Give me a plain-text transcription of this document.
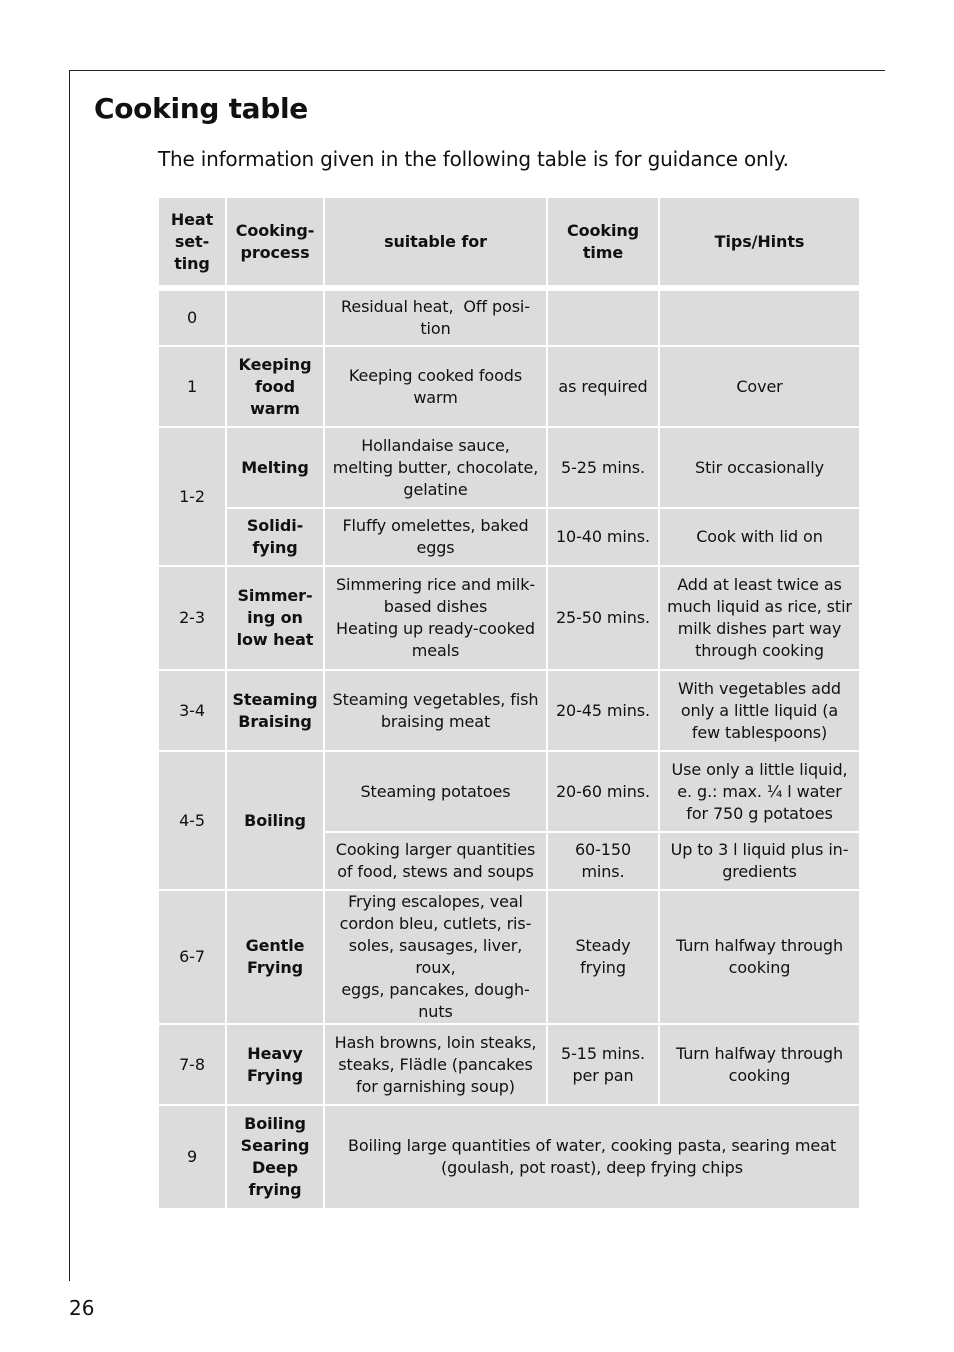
Cooking table

The information given in the following table is for guidance only.

Heat
set-
ting	Cooking-
process	suitable for	Cooking
time	Tips/Hints

0		Residual heat,  Off posi-
tion		
1	Keeping
food
warm	Keeping cooked foods
warm	as required	Cover
1-2	Melting	Hollandaise sauce,
melting butter, chocolate,
gelatine	5-25 mins.	Stir occasionally
	Solidi-
fying	Fluffy omelettes, baked
eggs	10-40 mins.	Cook with lid on
2-3	Simmer-
ing on
low heat	Simmering rice and milk-
based dishes
Heating up ready-cooked
meals	25-50 mins.	Add at least twice as
much liquid as rice, stir
milk dishes part way
through cooking
3-4	Steaming
Braising	Steaming vegetables, fish
braising meat	20-45 mins.	With vegetables add
only a little liquid (a
few tablespoons)
4-5	Boiling	Steaming potatoes	20-60 mins.	Use only a little liquid,
e. g.: max. ¼ l water
for 750 g potatoes
		Cooking larger quantities
of food, stews and soups	60-150
mins.	Up to 3 l liquid plus in-
gredients
6-7	Gentle
Frying	Frying escalopes, veal
cordon bleu, cutlets, ris-
soles, sausages, liver, roux,
eggs, pancakes, dough-
nuts	Steady
frying	Turn halfway through
cooking
7-8	Heavy
Frying	Hash browns, loin steaks,
steaks, Flädle (pancakes
for garnishing soup)	5-15 mins.
per pan	Turn halfway through
cooking
9	Boiling
Searing
Deep
frying	Boiling large quantities of water, cooking pasta, searing meat
(goulash, pot roast), deep frying chips		
26
